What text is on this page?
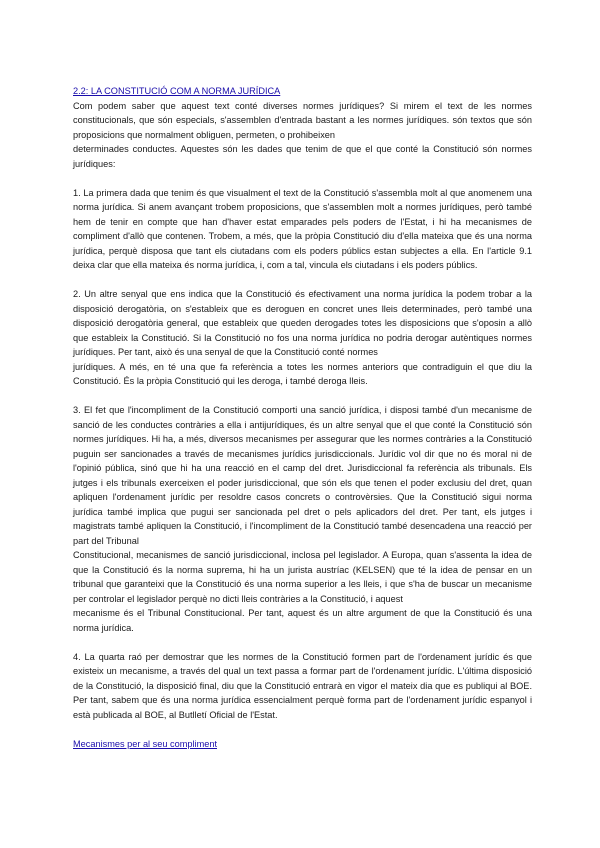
2.2: LA CONSTITUCIÓ COM A NORMA JURÍDICA

Com podem saber que aquest text conté diverses normes jurídiques? Si mirem el text de les normes constitucionals, que són especials, s'assemblen d'entrada bastant a les normes jurídiques. són textos que són proposicions que normalment obliguen, permeten, o prohibeixen
determinades conductes. Aquestes són les dades que tenim de que el que conté la Constitució són normes jurídiques:

1. La primera dada que tenim és que visualment el text de la Constitució s'assembla molt al que anomenem una norma jurídica. Si anem avançant trobem proposicions, que s'assemblen molt a normes jurídiques, però també hem de tenir en compte que han d'haver estat emparades pels poders de l'Estat, i hi ha mecanismes de compliment d'allò que contenen. Trobem, a més, que la pròpia Constitució diu d'ella mateixa que és una norma jurídica, perquè disposa que tant els ciutadans com els poders públics estan subjectes a ella. En l'article 9.1 deixa clar que ella mateixa és norma jurídica, i, com a tal, vincula els ciutadans i els poders públics.

2. Un altre senyal que ens indica que la Constitució és efectivament una norma jurídica la podem trobar a la disposició derogatòria, on s'estableix que es deroguen en concret unes lleis determinades, però també una disposició derogatòria general, que estableix que queden derogades totes les disposicions que s'oposin a allò que estableix la Constitució. Si la Constitució no fos una norma jurídica no podria derogar autèntiques normes jurídiques. Per tant, això és una senyal de que la Constitució conté normes
jurídiques. A més, en té una que fa referència a totes les normes anteriors que contradiguin el que diu la Constitució. És la pròpia Constitució qui les deroga, i també deroga lleis.

3. El fet que l'incompliment de la Constitució comporti una sanció jurídica, i disposi també d'un mecanisme de sanció de les conductes contràries a ella i antijurídiques, és un altre senyal que el que conté la Constitució són normes jurídiques. Hi ha, a més, diversos mecanismes per assegurar que les normes contràries a la Constitució puguin ser sancionades a través de mecanismes jurídics jurisdiccionals. Jurídic vol dir que no és moral ni de l'opinió pública, sinó que hi ha una reacció en el camp del dret. Jurisdiccional fa referència als tribunals. Els jutges i els tribunals exerceixen el poder jurisdiccional, que són els que tenen el poder exclusiu del dret, quan apliquen l'ordenament jurídic per resoldre casos concrets o controvèrsies. Que la Constitució sigui norma jurídica també implica que pugui ser sancionada pel dret o pels aplicadors del dret. Per tant, els jutges i magistrats també apliquen la Constitució, i l'incompliment de la Constitució també desencadena una reacció per part del Tribunal
Constitucional, mecanismes de sanció jurisdiccional, inclosa pel legislador. A Europa, quan s'assenta la idea de que la Constitució és la norma suprema, hi ha un jurista austríac (KELSEN) que té la idea de pensar en un tribunal que garanteixi que la Constitució és una norma superior a les lleis, i que s'ha de buscar un mecanisme per controlar el legislador perquè no dicti lleis contràries a la Constitució, i aquest
mecanisme és el Tribunal Constitucional. Per tant, aquest és un altre argument de que la Constitució és una norma jurídica.

4. La quarta raó per demostrar que les normes de la Constitució formen part de l'ordenament jurídic és que existeix un mecanisme, a través del qual un text passa a formar part de l'ordenament jurídic. L'última disposició de la Constitució, la disposició final, diu que la Constitució entrarà en vigor el mateix dia que es publiqui al BOE. Per tant, sabem que és una norma jurídica essencialment perquè forma part de l'ordenament jurídic espanyol i està publicada al BOE, al Butlletí Oficial de l'Estat.

Mecanismes per al seu compliment
